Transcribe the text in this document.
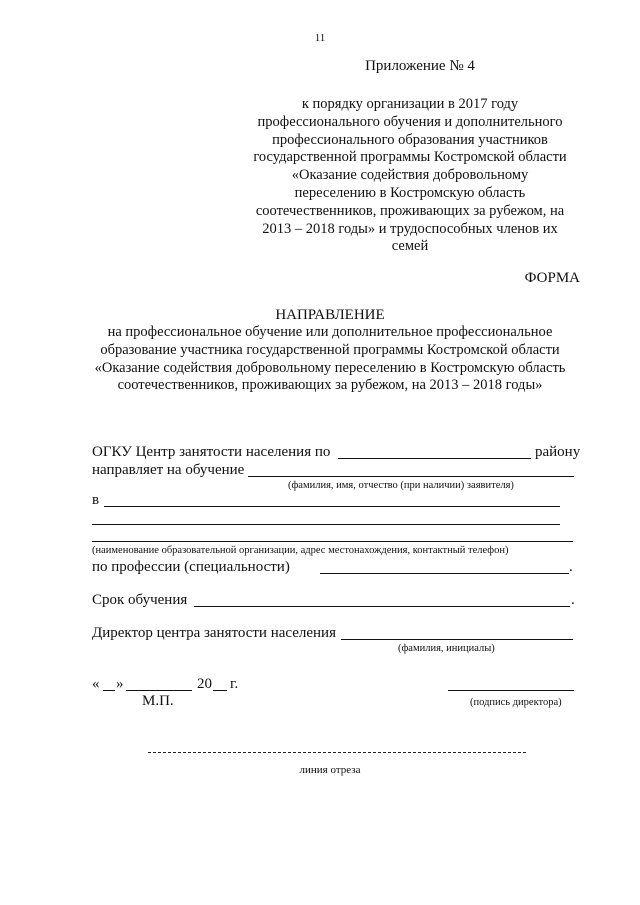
11
Приложение № 4
к порядку организации в 2017 году профессионального обучения и дополнительного профессионального образования участников государственной программы Костромской области «Оказание содействия добровольному переселению в Костромскую область соотечественников, проживающих за рубежом, на 2013 – 2018 годы» и трудоспособных членов их семей
ФОРМА
НАПРАВЛЕНИЕ
на профессиональное обучение или дополнительное профессиональное образование участника государственной программы Костромской области «Оказание содействия добровольному переселению в Костромскую область соотечественников, проживающих за рубежом, на 2013 – 2018 годы»
ОГКУ Центр занятости населения по	району
направляет на обучение
(фамилия, имя, отчество (при наличии) заявителя)
в
(наименование образовательной организации, адрес местонахождения, контактный телефон)
по профессии (специальности)	.
Срок обучения	.
Директор центра занятости населения
(фамилия, инициалы)
« »	20 г.
М.П.	(подпись директора)
линия отреза
